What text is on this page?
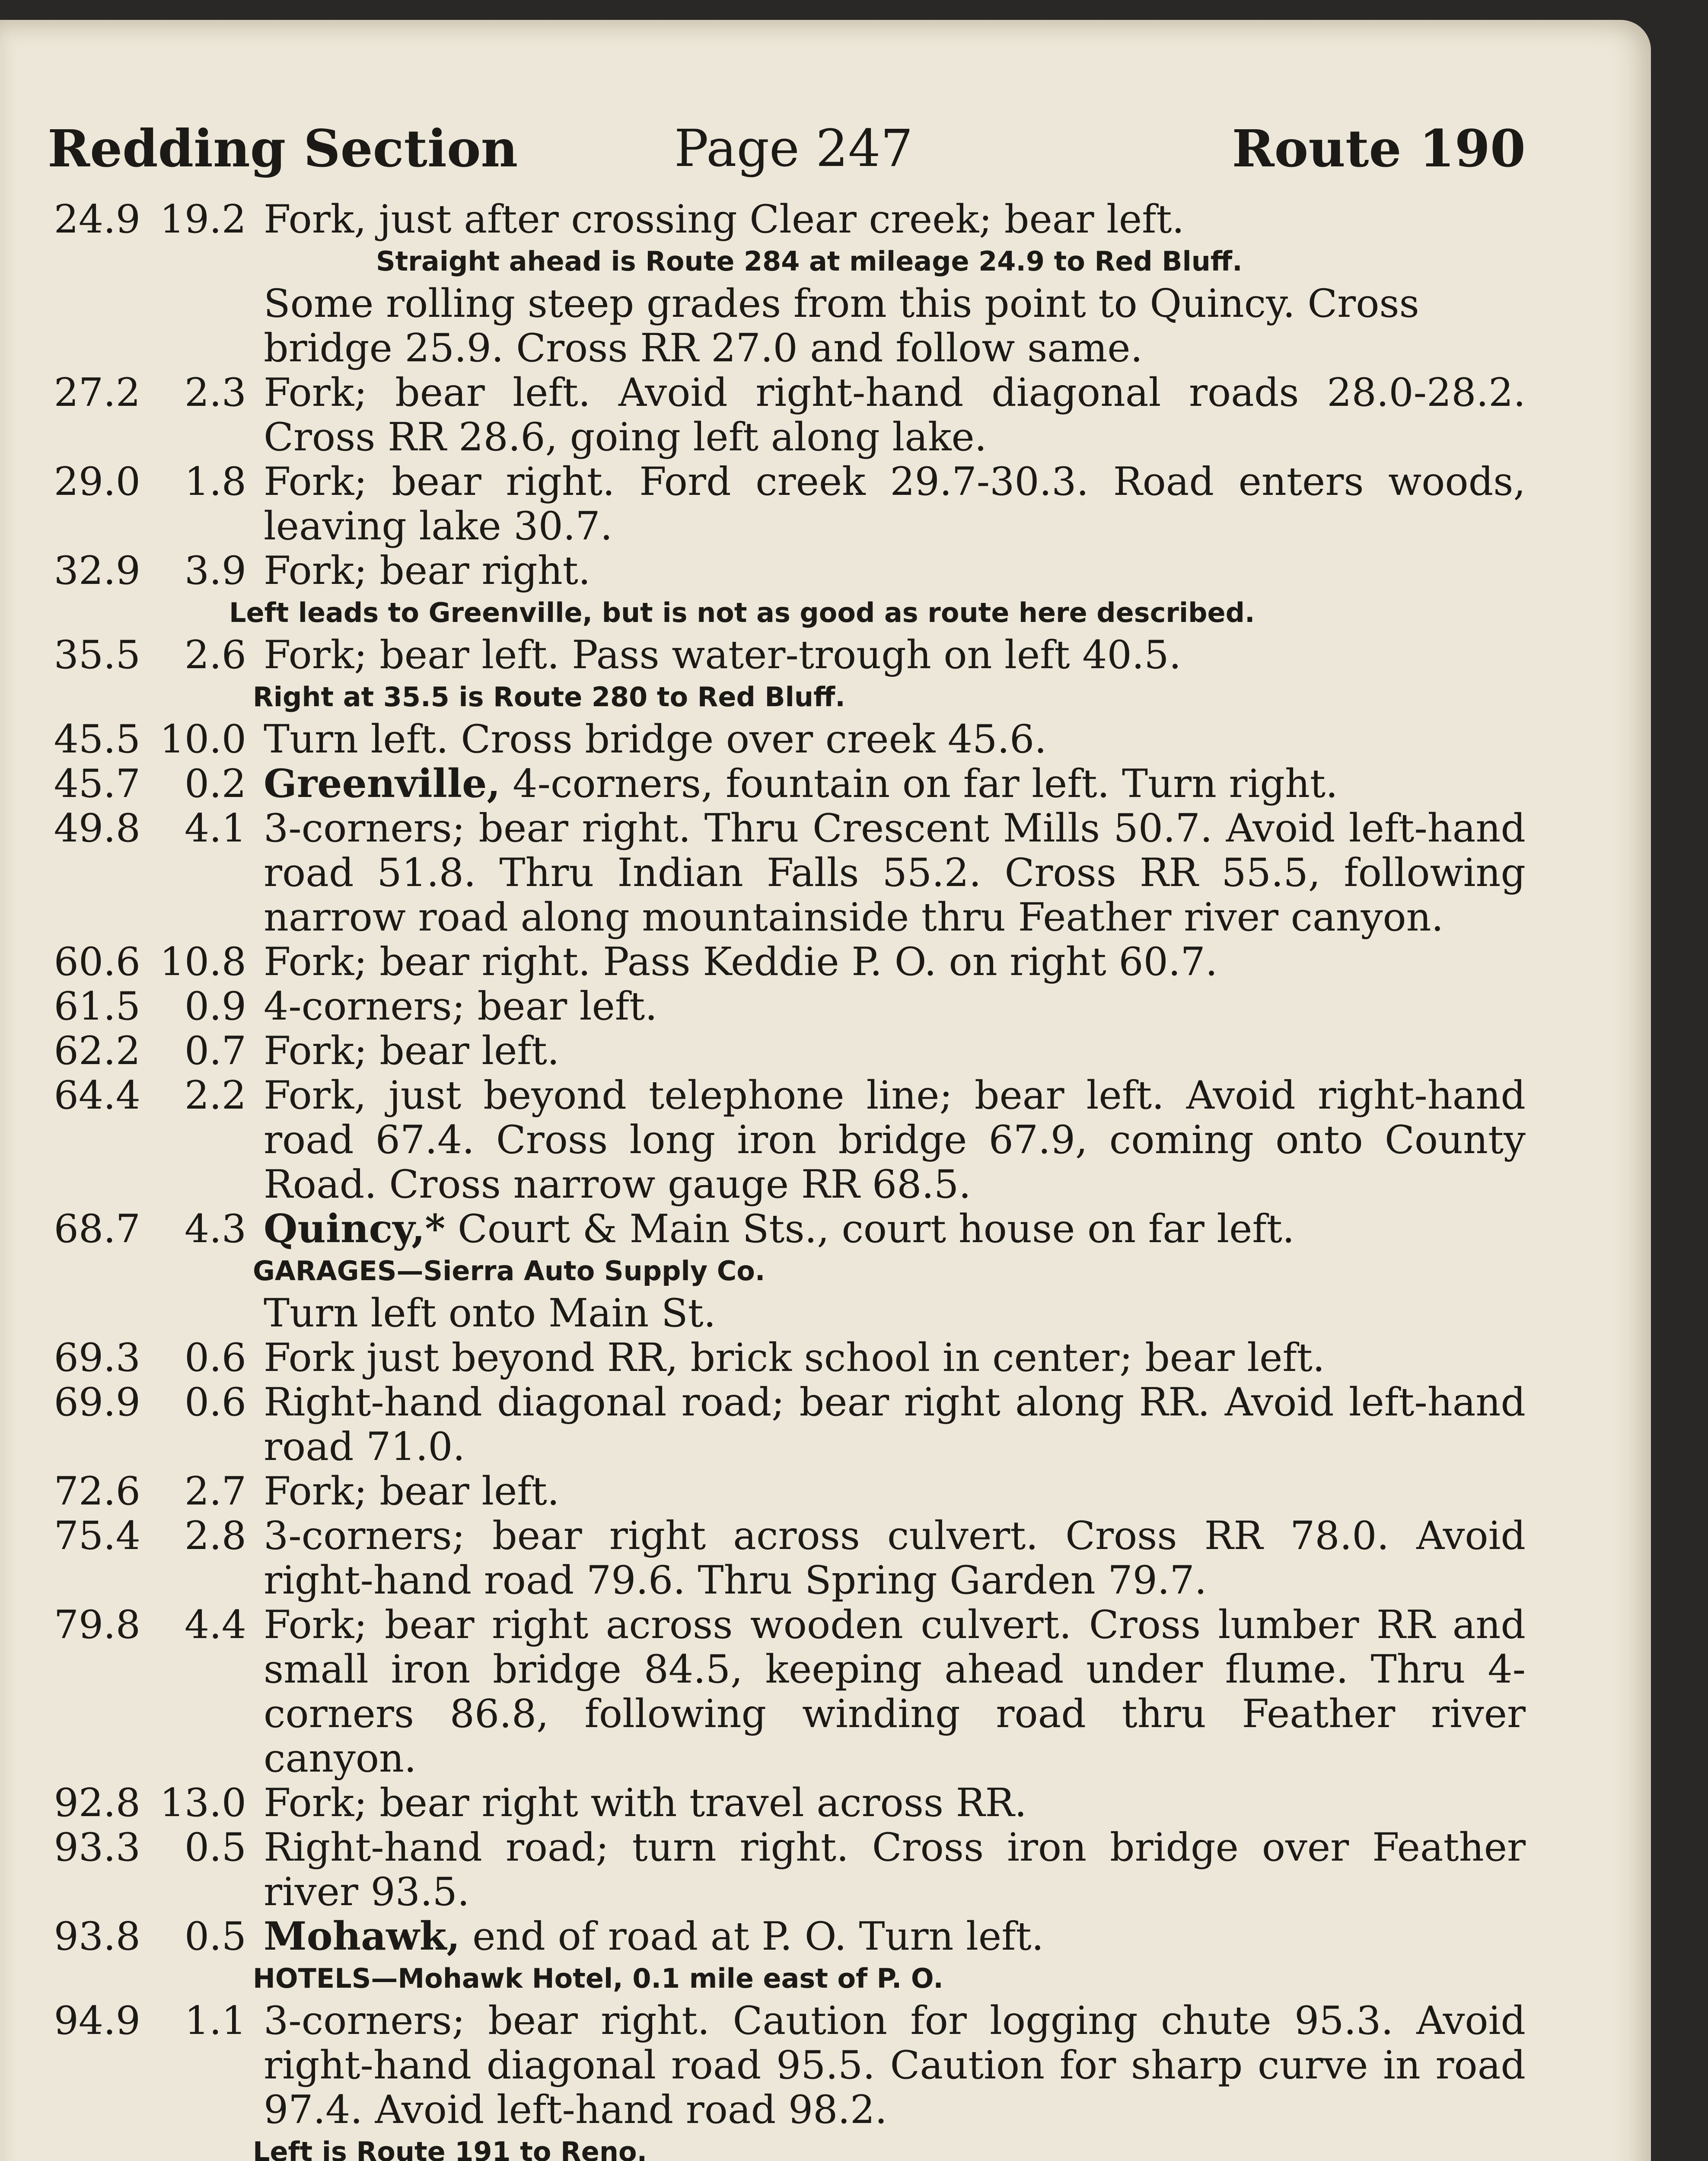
Redding Section	Page 247	Route 190
24.9 19.2 Fork, just after crossing Clear creek; bear left.
Straight ahead is Route 284 at mileage 24.9 to Red Bluff.
Some rolling steep grades from this point to Quincy. Cross bridge 25.9. Cross RR 27.0 and follow same.
27.2	2.3 Fork; bear left. Avoid right-hand diagonal roads 28.0-28.2. Cross RR 28.6, going left along lake.
29.0	1.8 Fork; bear right. Ford creek 29.7-30.3. Road enters woods, leaving lake 30.7.
32.9	3.9 Fork; bear right.
Left leads to Greenville, but is not as good as route here described.
35.5	2.6 Fork; bear left. Pass water-trough on left 40.5.
Right at 35.5 is Route 280 to Red Bluff.
45.5 10.0 Turn left. Cross bridge over creek 45.6.
45.7	0.2 Greenville, 4-corners, fountain on far left. Turn right.
49.8	4.1 3-corners; bear right. Thru Crescent Mills 50.7. Avoid left-hand road 51.8. Thru Indian Falls 55.2. Cross RR 55.5, following narrow road along mountainside thru Feather river canyon.
60.6 10.8 Fork; bear right. Pass Keddie P. O. on right 60.7.
61.5	0.9 4-corners; bear left.
62.2	0.7 Fork; bear left.
64.4	2.2 Fork, just beyond telephone line; bear left. Avoid right-hand road 67.4. Cross long iron bridge 67.9, coming onto County Road. Cross narrow gauge RR 68.5.
68.7	4.3 Quincy,* Court & Main Sts., court house on far left.
GARAGES—Sierra Auto Supply Co.
Turn left onto Main St.
69.3	0.6 Fork just beyond RR, brick school in center; bear left.
69.9	0.6 Right-hand diagonal road; bear right along RR. Avoid left-hand road 71.0.
72.6	2.7 Fork; bear left.
75.4	2.8 3-corners; bear right across culvert. Cross RR 78.0. Avoid right-hand road 79.6. Thru Spring Garden 79.7.
79.8	4.4 Fork; bear right across wooden culvert. Cross lumber RR and small iron bridge 84.5, keeping ahead under flume. Thru 4-corners 86.8, following winding road thru Feather river canyon.
92.8 13.0 Fork; bear right with travel across RR.
93.3	0.5 Right-hand road; turn right. Cross iron bridge over Feather river 93.5.
93.8	0.5 Mohawk, end of road at P. O. Turn left.
HOTELS—Mohawk Hotel, 0.1 mile east of P. O.
94.9	1.1 3-corners; bear right. Caution for logging chute 95.3. Avoid right-hand diagonal road 95.5. Caution for sharp curve in road 97.4. Avoid left-hand road 98.2.
Left is Route 191 to Reno.
